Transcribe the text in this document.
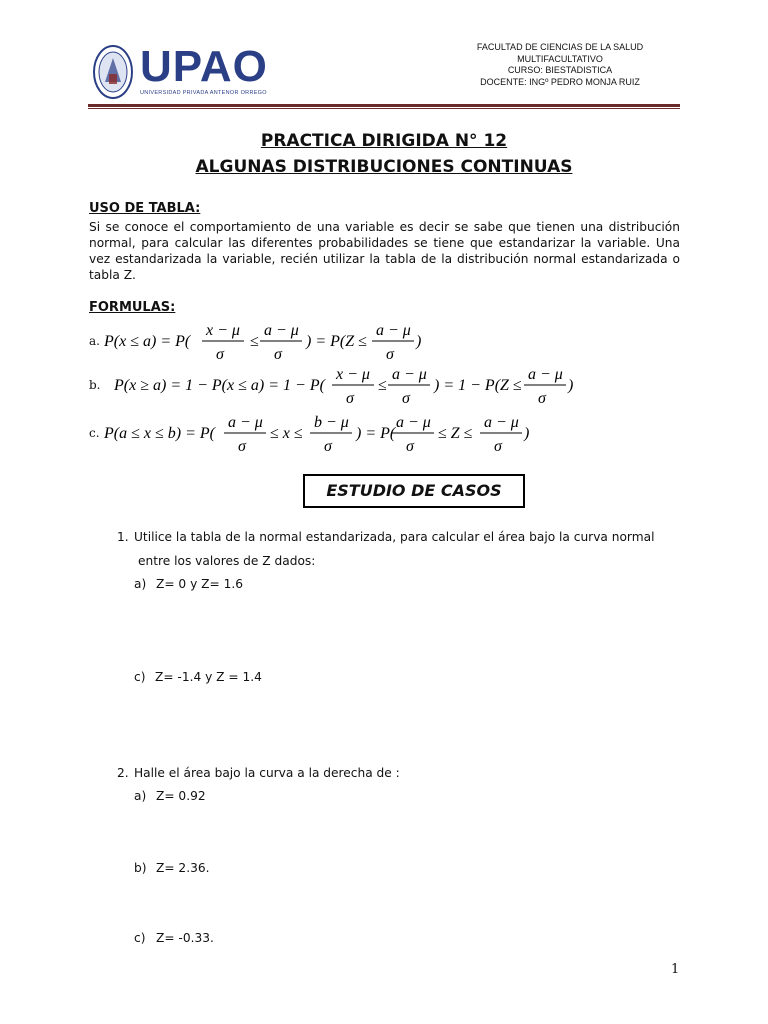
UPAO
UNIVERSIDAD PRIVADA ANTENOR ORREGO
FACULTAD DE CIENCIAS DE LA SALUD
MULTIFACULTATIVO
CURSO: BIESTADISTICA
DOCENTE: INGº PEDRO MONJA RUIZ
PRACTICA DIRIGIDA N° 12
ALGUNAS DISTRIBUCIONES CONTINUAS
USO DE TABLA:
Si se conoce el comportamiento de una variable es decir se sabe que tienen una distribución normal, para calcular las diferentes probabilidades se tiene que estandarizar la variable. Una vez estandarizada la variable, recién utilizar la tabla de la distribución normal estandarizada o tabla Z.
FORMULAS:
a. P(x ≤ a) = P(
x − μ
σ
≤
a − μ
σ
) = P(Z ≤
a − μ
σ
)
b. P(x ≥ a) = 1 − P(x ≤ a) = 1 − P(
x − μ
σ
≤
a − μ
σ
) = 1 − P(Z ≤
a − μ
σ
)
c. P(a ≤ x ≤ b) = P(
a − μ
σ
≤ x ≤
b − μ
σ
) = P(
a − μ
σ
≤ Z ≤
a − μ
σ
)
ESTUDIO DE CASOS
1. Utilice la tabla de la normal estandarizada, para calcular el área bajo la curva normal
entre los valores de Z dados:
a) Z= 0 y Z= 1.6
c) Z= -1.4 y Z = 1.4
2. Halle el área bajo la curva a la derecha de :
a) Z= 0.92
b) Z= 2.36.
c) Z= -0.33.
1
